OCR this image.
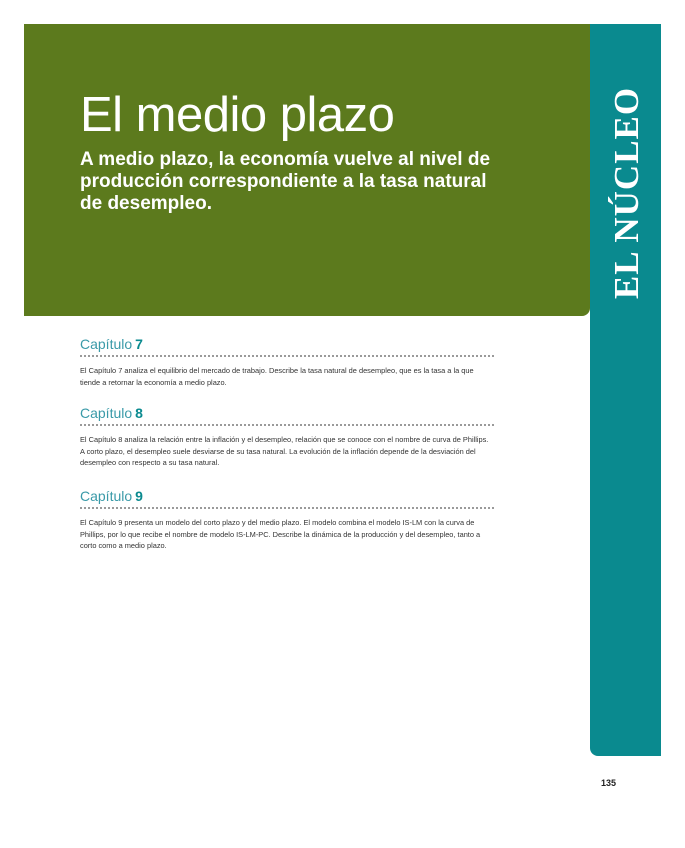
El medio plazo

A medio plazo, la economía vuelve al nivel de producción correspondiente a la tasa natural de desempleo.	EL NÚCLEO
Capítulo 7
El Capítulo 7 analiza el equilibrio del mercado de trabajo. Describe la tasa natural de desempleo, que es la tasa a la que tiende a retornar la economía a medio plazo.
Capítulo 8
El Capítulo 8 analiza la relación entre la inflación y el desempleo, relación que se conoce con el nombre de curva de Phillips. A corto plazo, el desempleo suele desviarse de su tasa natural. La evolución de la inflación depende de la desviación del desempleo con respecto a su tasa natural.
Capítulo 9
El Capítulo 9 presenta un modelo del corto plazo y del medio plazo. El modelo combina el modelo IS-LM con la curva de Phillips, por lo que recibe el nombre de modelo IS-LM-PC. Describe la dinámica de la producción y del desempleo, tanto a corto como a medio plazo.
135
